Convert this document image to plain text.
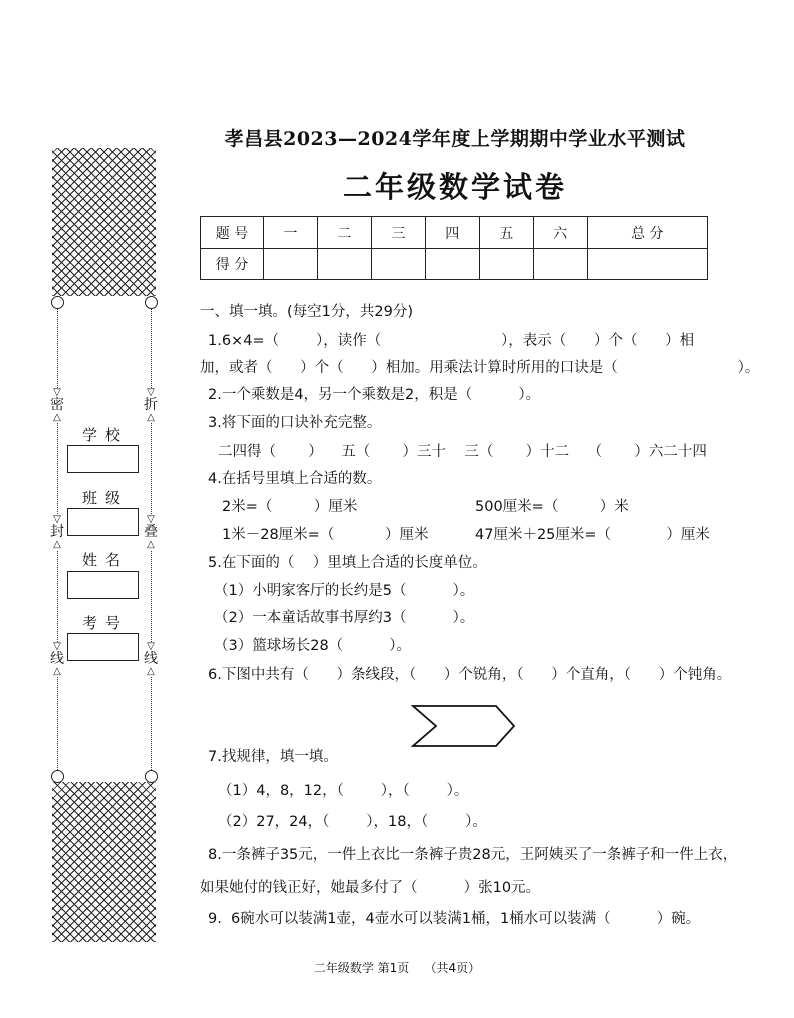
▽
密
△
▽
封
△
▽
线
△
▽
折
△
▽
叠
△
▽
线
△
学校
班级
姓名
考号
孝昌县2023—2024学年度上学期期中学业水平测试
二年级数学试卷
题 号	一	二	三	四	五	六	总 分
得 分							
一、填一填。(每空1分，共29分)
1.6×4=（        ），读作（                          ），表示（      ）个（      ）相
加，或者（      ）个（      ）相加。用乘法计算时所用的口诀是（                          ）。
2.一个乘数是4，另一个乘数是2，积是（          ）。
3.将下面的口诀补充完整。
二四得（       ）    五（       ）三十    三（       ）十二    （       ）六二十四
4.在括号里填上合适的数。
2米=（         ）厘米	500厘米=（         ）米
1米－28厘米=（           ）厘米	47厘米＋25厘米=（            ）厘米
5.在下面的（    ）里填上合适的长度单位。
（1）小明家客厅的长约是5（          ）。
（2）一本童话故事书厚约3（          ）。
（3）篮球场长28（          ）。
6.下图中共有（      ）条线段，（      ）个锐角，（      ）个直角，（      ）个钝角。
7.找规律，填一填。
（1）4，8，12，（        ），（        ）。
（2）27，24，（        ），18，（        ）。
8.一条裤子35元，一件上衣比一条裤子贵28元，王阿姨买了一条裤子和一件上衣，
如果她付的钱正好，她最多付了（          ）张10元。
9.  6碗水可以装满1壶，4壶水可以装满1桶，1桶水可以装满（          ）碗。
二年级数学 第1页    （共4页）
